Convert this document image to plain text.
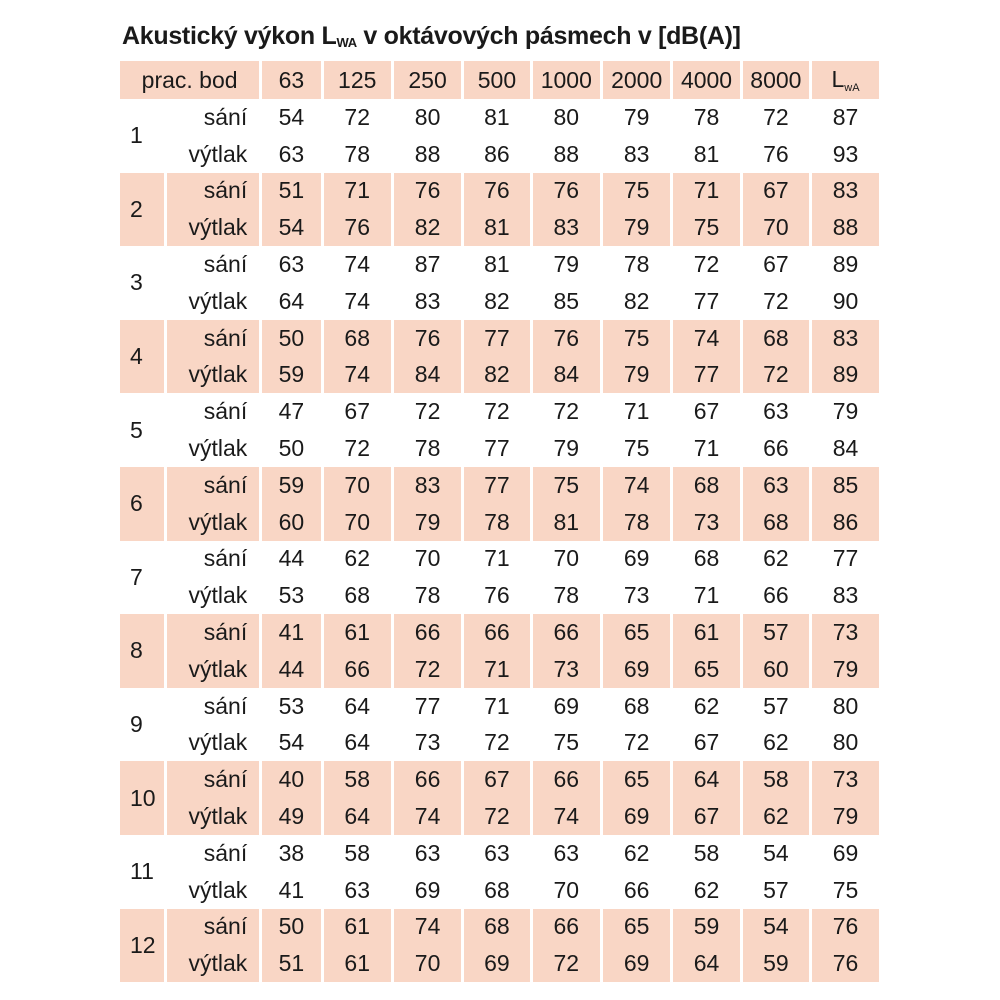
Akustický výkon $L_{WA}$ v oktávových pásmech v [dB(A)]
prac. bod		63	125	250	500	1000	2000	4000	8000	$L_{wA}$
1	sání	54	72	80	81	80	79	78	72	87
	výtlak	63	78	88	86	88	83	81	76	93
2	sání	51	71	76	76	76	75	71	67	83
	výtlak	54	76	82	81	83	79	75	70	88
3	sání	63	74	87	81	79	78	72	67	89
	výtlak	64	74	83	82	85	82	77	72	90
4	sání	50	68	76	77	76	75	74	68	83
	výtlak	59	74	84	82	84	79	77	72	89
5	sání	47	67	72	72	72	71	67	63	79
	výtlak	50	72	78	77	79	75	71	66	84
6	sání	59	70	83	77	75	74	68	63	85
	výtlak	60	70	79	78	81	78	73	68	86
7	sání	44	62	70	71	70	69	68	62	77
	výtlak	53	68	78	76	78	73	71	66	83
8	sání	41	61	66	66	66	65	61	57	73
	výtlak	44	66	72	71	73	69	65	60	79
9	sání	53	64	77	71	69	68	62	57	80
	výtlak	54	64	73	72	75	72	67	62	80
10	sání	40	58	66	67	66	65	64	58	73
	výtlak	49	64	74	72	74	69	67	62	79
11	sání	38	58	63	63	63	62	58	54	69
	výtlak	41	63	69	68	70	66	62	57	75
12	sání	50	61	74	68	66	65	59	54	76
	výtlak	51	61	70	69	72	69	64	59	76
